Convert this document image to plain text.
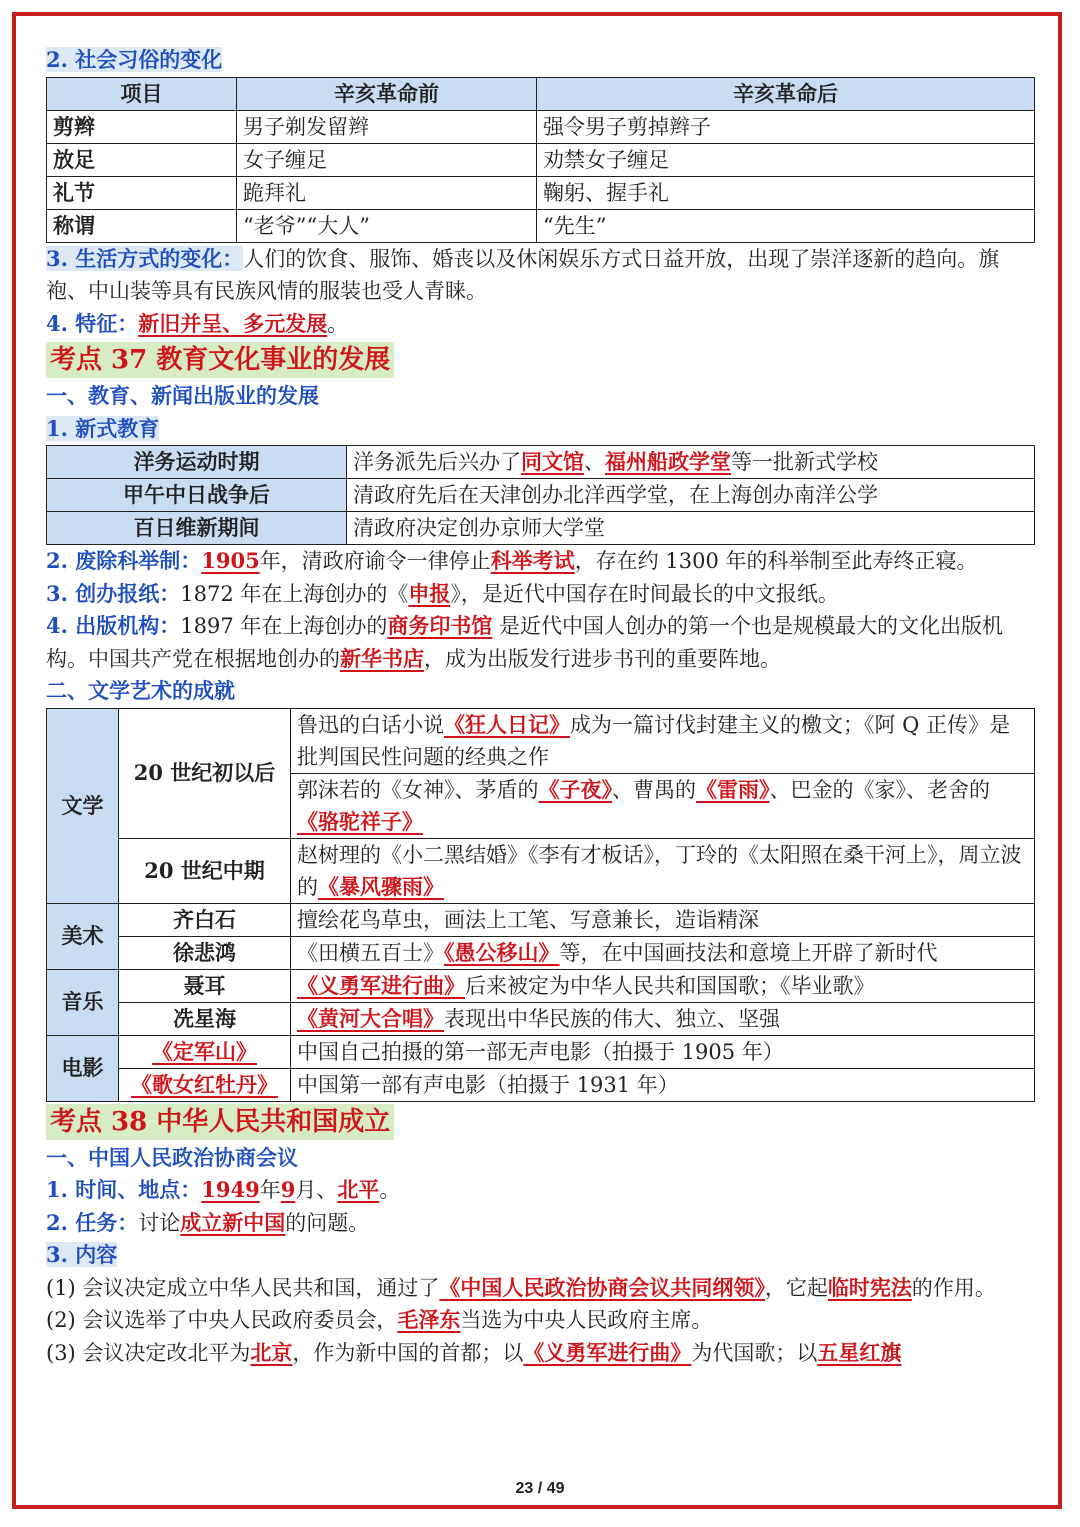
2. 社会习俗的变化

项目	辛亥革命前	辛亥革命后
剪辫	男子剃发留辫	强令男子剪掉辫子
放足	女子缠足	劝禁女子缠足
礼节	跪拜礼	鞠躬、握手礼
称谓	“老爷”“大人”	“先生”

3. 生活方式的变化：人们的饮食、服饰、婚丧以及休闲娱乐方式日益开放，出现了崇洋逐新的趋向。旗袍、中山装等具有民族风情的服装也受人青睐。

4. 特征：新旧并呈、多元发展。

考点 37 教育文化事业的发展

一、教育、新闻出版业的发展

1. 新式教育

洋务运动时期	洋务派先后兴办了同文馆、福州船政学堂等一批新式学校
甲午中日战争后	清政府先后在天津创办北洋西学堂，在上海创办南洋公学
百日维新期间	清政府决定创办京师大学堂

2. 废除科举制：1905年，清政府谕令一律停止科举考试，存在约 1300 年的科举制至此寿终正寝。

3. 创办报纸：1872 年在上海创办的《申报》，是近代中国存在时间最长的中文报纸。

4. 出版机构：1897 年在上海创办的商务印书馆 是近代中国人创办的第一个也是规模最大的文化出版机构。中国共产党在根据地创办的新华书店，成为出版发行进步书刊的重要阵地。

二、文学艺术的成就

文学	20 世纪初以后	鲁迅的白话小说《狂人日记》成为一篇讨伐封建主义的檄文；《阿 Q 正传》是批判国民性问题的经典之作
		郭沫若的《女神》、茅盾的《子夜》、曹禺的《雷雨》、巴金的《家》、老舍的《骆驼祥子》
	20 世纪中期	赵树理的《小二黑结婚》《李有才板话》，丁玲的《太阳照在桑干河上》，周立波的《暴风骤雨》
美术	齐白石	擅绘花鸟草虫，画法上工笔、写意兼长，造诣精深
	徐悲鸿	《田横五百士》《愚公移山》等，在中国画技法和意境上开辟了新时代
音乐	聂耳	《义勇军进行曲》后来被定为中华人民共和国国歌；《毕业歌》
	冼星海	《黄河大合唱》表现出中华民族的伟大、独立、坚强
电影	《定军山》	中国自己拍摄的第一部无声电影（拍摄于 1905 年）
	《歌女红牡丹》	中国第一部有声电影（拍摄于 1931 年）
考点 38 中华人民共和国成立

一、中国人民政治协商会议

1. 时间、地点：1949年9月、北平。

2. 任务：讨论成立新中国的问题。

3. 内容

(1) 会议决定成立中华人民共和国，通过了《中国人民政治协商会议共同纲领》，它起临时宪法的作用。

(2) 会议选举了中央人民政府委员会，毛泽东当选为中央人民政府主席。

(3) 会议决定改北平为北京，作为新中国的首都；以《义勇军进行曲》为代国歌；以五星红旗

23 / 49
